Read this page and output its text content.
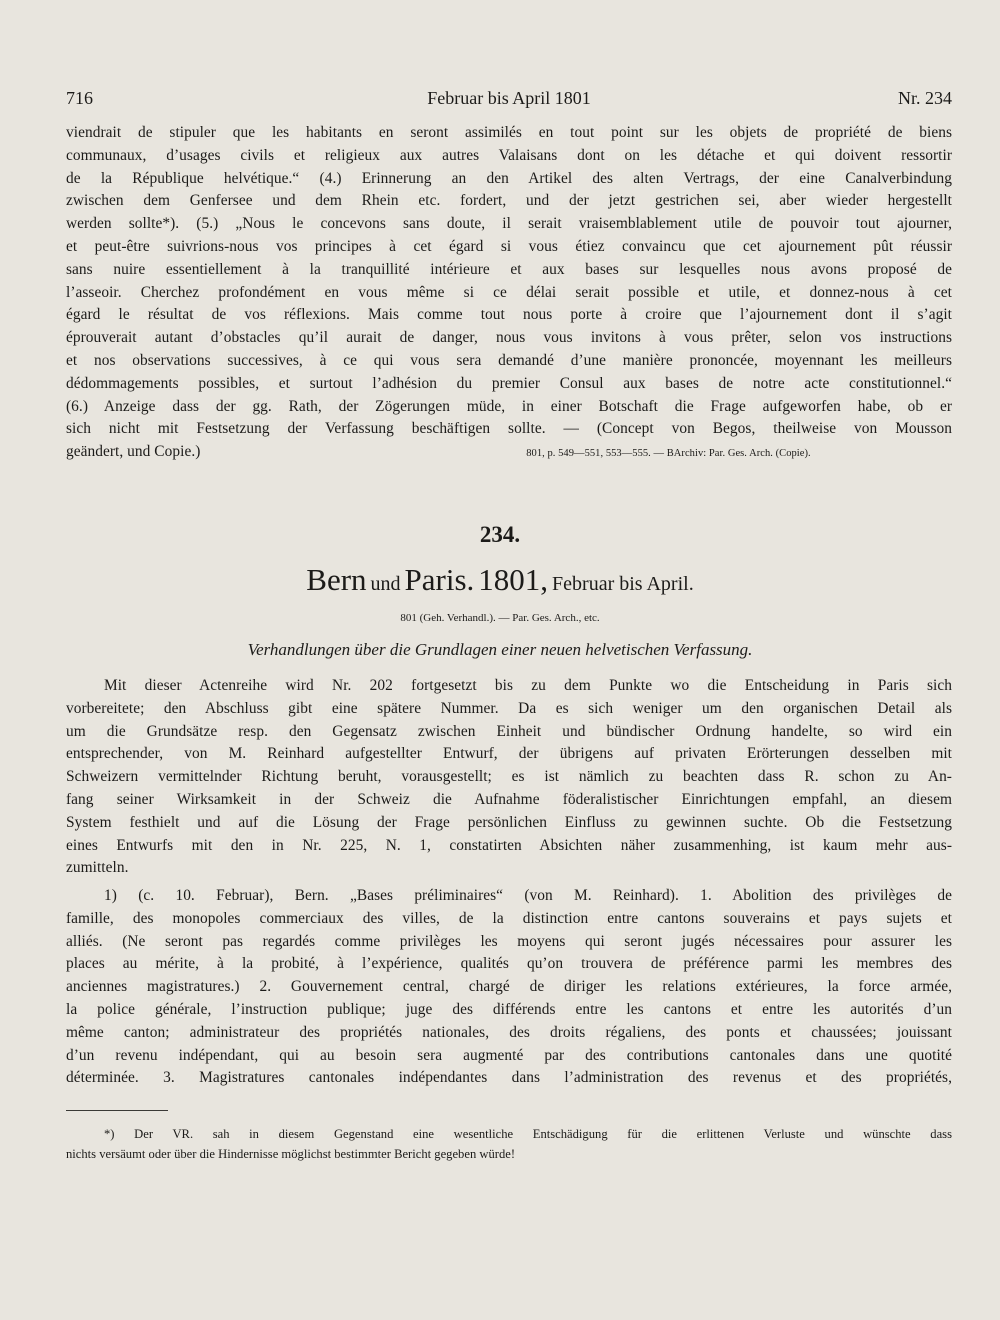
Februar bis April 1801
716	Nr. 234
viendrait de stipuler que les habitants en seront assimilés en tout point sur les objets de propriété de biens
communaux, d’usages civils et religieux aux autres Valaisans dont on les détache et qui doivent ressortir
de la République helvétique.“ (4.) Erinnerung an den Artikel des alten Vertrags, der eine Canalverbindung
zwischen dem Genfersee und dem Rhein etc. fordert, und der jetzt gestrichen sei, aber wieder hergestellt
werden sollte*). (5.) „Nous le concevons sans doute, il serait vraisemblablement utile de pouvoir tout ajourner,
et peut-être suivrions-nous vos principes à cet égard si vous étiez convaincu que cet ajournement pût réussir
sans nuire essentiellement à la tranquillité intérieure et aux bases sur lesquelles nous avons proposé de
l’asseoir. Cherchez profondément en vous même si ce délai serait possible et utile, et donnez-nous à cet
égard le résultat de vos réflexions. Mais comme tout nous porte à croire que l’ajournement dont il s’agit
éprouverait autant d’obstacles qu’il aurait de danger, nous vous invitons à vous prêter, selon vos instructions
et nos observations successives, à ce qui vous sera demandé d’une manière prononcée, moyennant les meilleurs
dédommagements possibles, et surtout l’adhésion du premier Consul aux bases de notre acte constitutionnel.“
(6.) Anzeige dass der gg. Rath, der Zögerungen müde, in einer Botschaft die Frage aufgeworfen habe, ob er
sich nicht mit Festsetzung der Verfassung beschäftigen sollte. — (Concept von Begos, theilweise von Mousson
geändert, und Copie.)	801, p. 549—551, 553—555. — BArchiv: Par. Ges. Arch. (Copie).
234.
Bern und Paris. 1801, Februar bis April.
801 (Geh. Verhandl.). — Par. Ges. Arch., etc.
Verhandlungen über die Grundlagen einer neuen helvetischen Verfassung.
Mit dieser Actenreihe wird Nr. 202 fortgesetzt bis zu dem Punkte wo die Entscheidung in Paris sich
vorbereitete; den Abschluss gibt eine spätere Nummer. Da es sich weniger um den organischen Detail als
um die Grundsätze resp. den Gegensatz zwischen Einheit und bündischer Ordnung handelte, so wird ein
entsprechender, von M. Reinhard aufgestellter Entwurf, der übrigens auf privaten Erörterungen desselben mit
Schweizern vermittelnder Richtung beruht, vorausgestellt; es ist nämlich zu beachten dass R. schon zu An-
fang seiner Wirksamkeit in der Schweiz die Aufnahme föderalistischer Einrichtungen empfahl, an diesem
System festhielt und auf die Lösung der Frage persönlichen Einfluss zu gewinnen suchte. Ob die Festsetzung
eines Entwurfs mit den in Nr. 225, N. 1, constatirten Absichten näher zusammenhing, ist kaum mehr aus-
zumitteln.
1) (c. 10. Februar), Bern. „Bases préliminaires“ (von M. Reinhard). 1. Abolition des privilèges de
famille, des monopoles commerciaux des villes, de la distinction entre cantons souverains et pays sujets et
alliés. (Ne seront pas regardés comme privilèges les moyens qui seront jugés nécessaires pour assurer les
places au mérite, à la probité, à l’expérience, qualités qu’on trouvera de préférence parmi les membres des
anciennes magistratures.) 2. Gouvernement central, chargé de diriger les relations extérieures, la force armée,
la police générale, l’instruction publique; juge des différends entre les cantons et entre les autorités d’un
même canton; administrateur des propriétés nationales, des droits régaliens, des ponts et chaussées; jouissant
d’un revenu indépendant, qui au besoin sera augmenté par des contributions cantonales dans une quotité
déterminée. 3. Magistratures cantonales indépendantes dans l’administration des revenus et des propriétés,
*) Der VR. sah in diesem Gegenstand eine wesentliche Entschädigung für die erlittenen Verluste und wünschte dass
nichts versäumt oder über die Hindernisse möglichst bestimmter Bericht gegeben würde!
